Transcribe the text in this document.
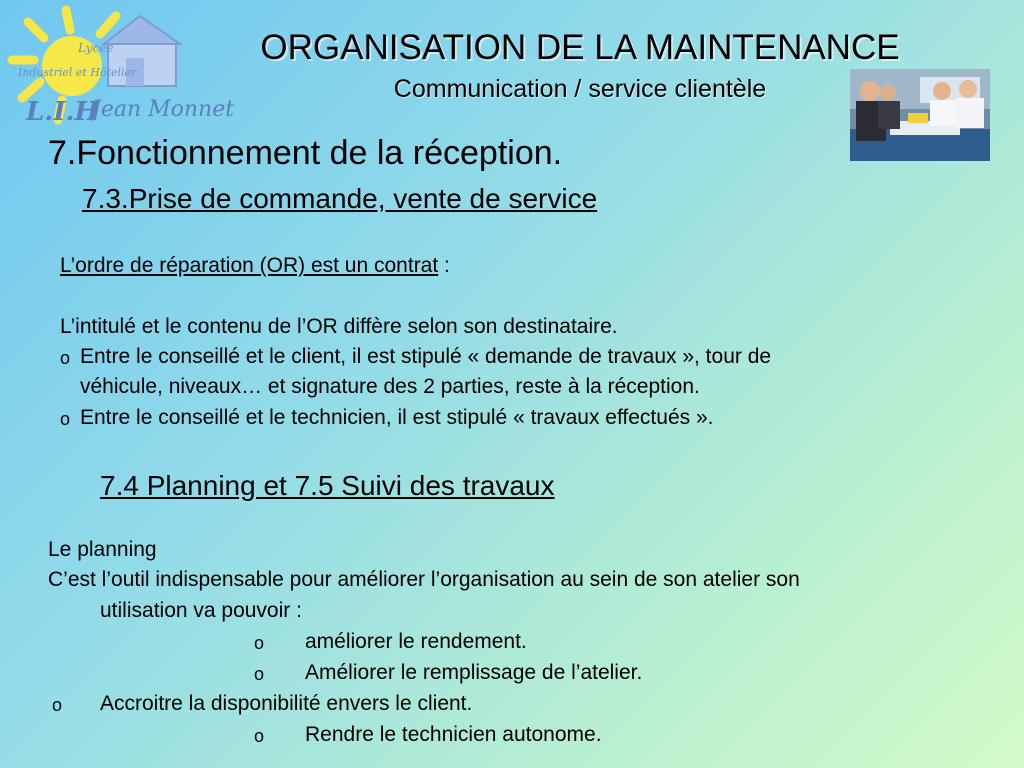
Lycée
Industriel et Hôtelier
L.I.H
Jean Monnet
ORGANISATION DE LA MAINTENANCE
Communication / service clientèle
7.Fonctionnement de la réception.
7.3.Prise de commande, vente de service
L’ordre de réparation (OR) est un contrat :
L’intitulé et le contenu de l’OR diffère selon son destinataire.
o Entre le conseillé et le client, il est stipulé « demande de travaux », tour de
véhicule, niveaux… et signature des 2 parties, reste à la réception.
o Entre le conseillé et le technicien, il est stipulé « travaux effectués ».
7.4 Planning et 7.5 Suivi des travaux
Le planning
C’est l’outil indispensable pour améliorer l’organisation au sein de son atelier son
utilisation va pouvoir :
o améliorer le rendement.
o Améliorer le remplissage de l’atelier.
o Accroitre la disponibilité envers le client.
o Rendre le technicien autonome.
